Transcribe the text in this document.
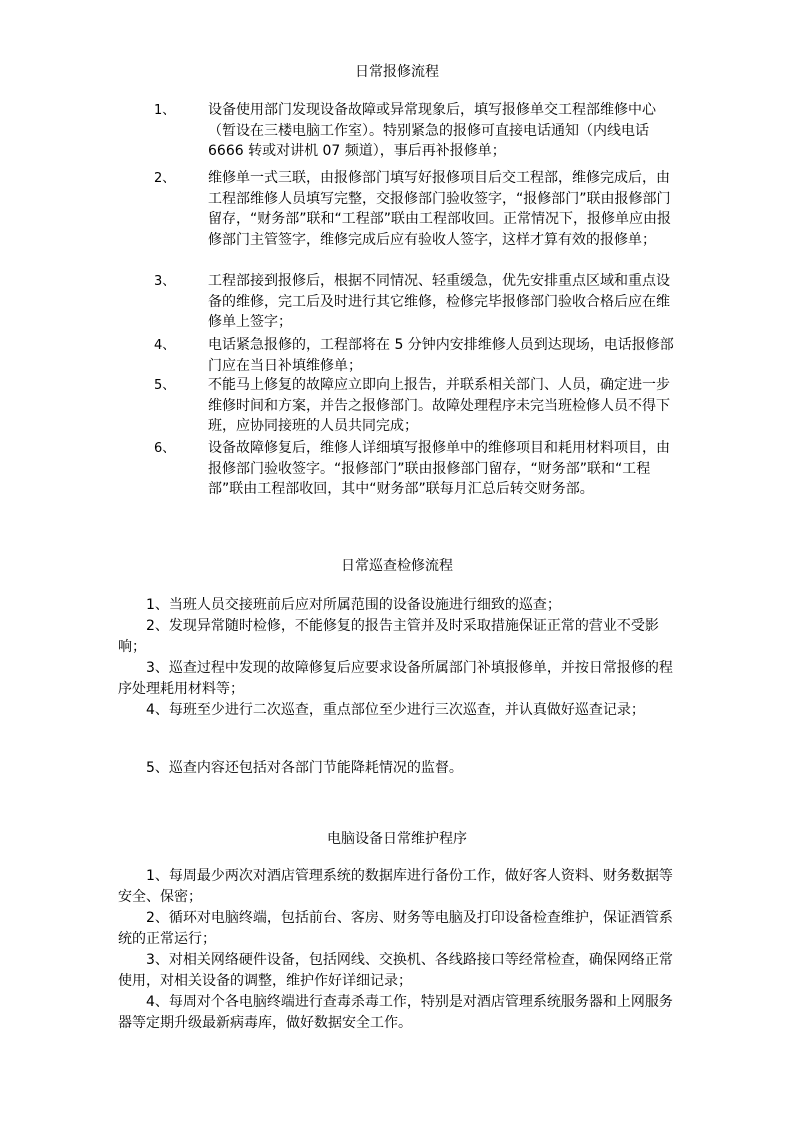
日常报修流程
1、 设备使用部门发现设备故障或异常现象后，填写报修单交工程部维修中心（暂设在三楼电脑工作室）。特别紧急的报修可直接电话通知（内线电话 6666 转或对讲机 07 频道），事后再补报修单；

2、 维修单一式三联，由报修部门填写好报修项目后交工程部，维修完成后，由工程部维修人员填写完整，交报修部门验收签字，“报修部门”联由报修部门留存，“财务部”联和“工程部”联由工程部收回。正常情况下，报修单应由报修部门主管签字，维修完成后应有验收人签字，这样才算有效的报修单；

3、 工程部接到报修后，根据不同情况、轻重缓急，优先安排重点区域和重点设备的维修，完工后及时进行其它维修，检修完毕报修部门验收合格后应在维修单上签字；

4、 电话紧急报修的，工程部将在 5 分钟内安排维修人员到达现场，电话报修部门应在当日补填维修单；

5、 不能马上修复的故障应立即向上报告，并联系相关部门、人员，确定进一步维修时间和方案，并告之报修部门。故障处理程序未完当班检修人员不得下班，应协同接班的人员共同完成；

6、 设备故障修复后，维修人详细填写报修单中的维修项目和耗用材料项目，由报修部门验收签字。“报修部门”联由报修部门留存，“财务部”联和“工程部”联由工程部收回，其中“财务部”联每月汇总后转交财务部。

日常巡查检修流程

1、当班人员交接班前后应对所属范围的设备设施进行细致的巡查；

2、发现异常随时检修，不能修复的报告主管并及时采取措施保证正常的营业不受影响；

3、巡查过程中发现的故障修复后应要求设备所属部门补填报修单，并按日常报修的程序处理耗用材料等；

4、每班至少进行二次巡查，重点部位至少进行三次巡查，并认真做好巡查记录；

5、巡查内容还包括对各部门节能降耗情况的监督。

电脑设备日常维护程序

1、每周最少两次对酒店管理系统的数据库进行备份工作，做好客人资料、财务数据等安全、保密；

2、循环对电脑终端，包括前台、客房、财务等电脑及打印设备检查维护，保证酒管系统的正常运行；

3、对相关网络硬件设备，包括网线、交换机、各线路接口等经常检查，确保网络正常使用，对相关设备的调整，维护作好详细记录；

4、每周对个各电脑终端进行查毒杀毒工作，特别是对酒店管理系统服务器和上网服务器等定期升级最新病毒库，做好数据安全工作。
